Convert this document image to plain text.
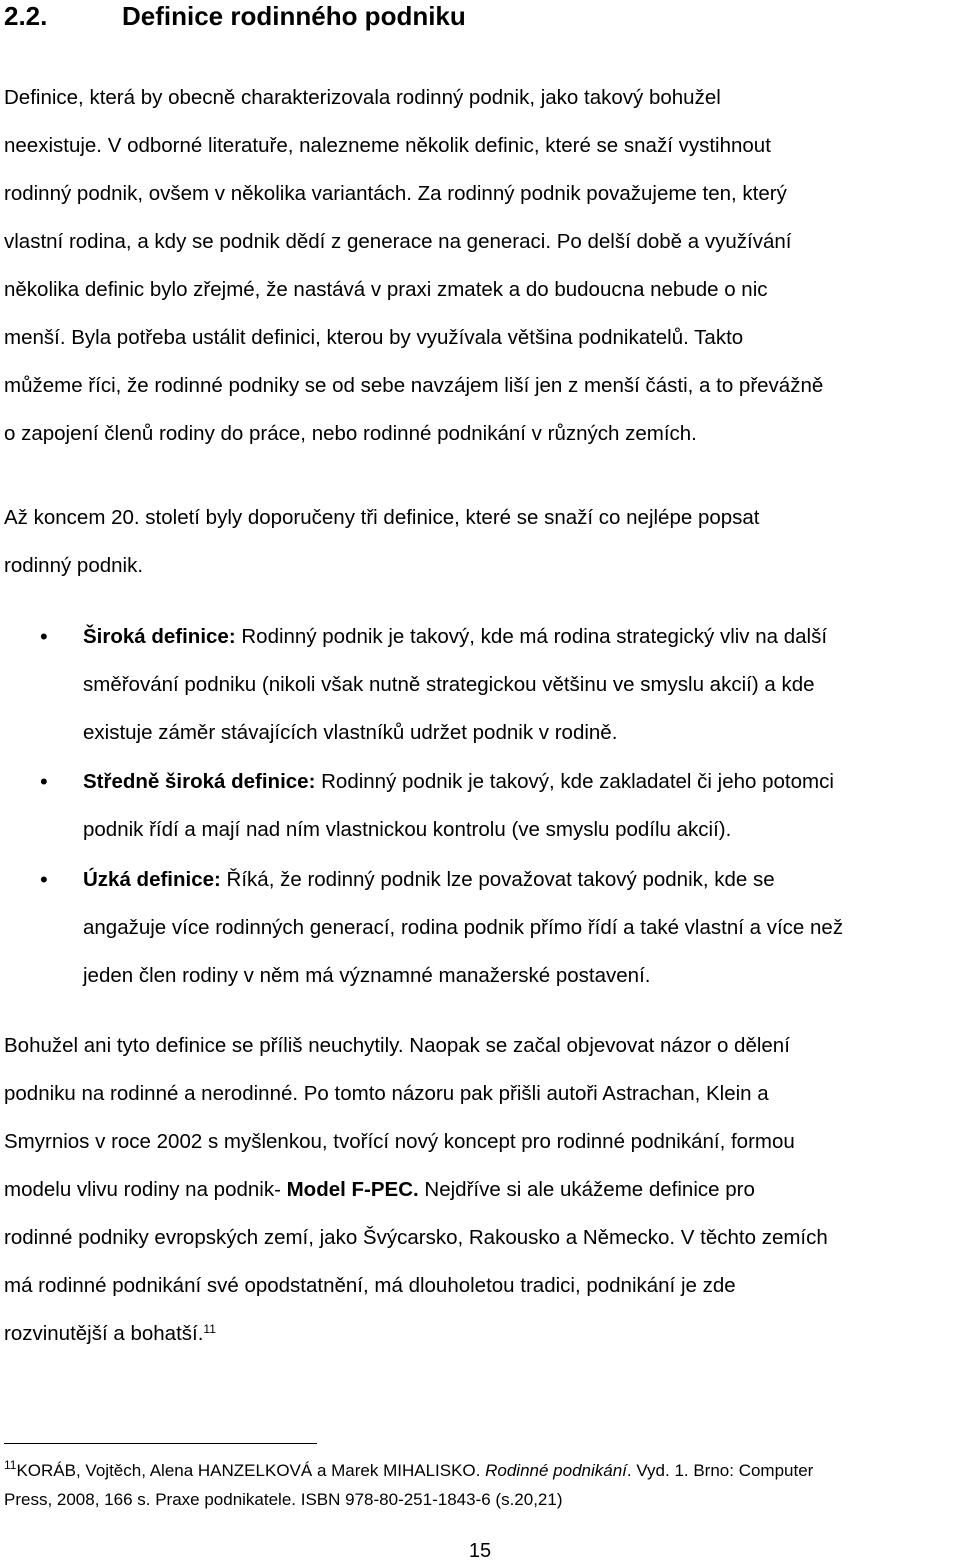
2.2.	Definice rodinného podniku
Definice, která by obecně charakterizovala rodinný podnik, jako takový bohužel
neexistuje. V odborné literatuře, nalezneme několik definic, které se snaží vystihnout
rodinný podnik, ovšem v několika variantách. Za rodinný podnik považujeme ten, který
vlastní rodina, a kdy se podnik dědí z generace na generaci. Po delší době a využívání
několika definic bylo zřejmé, že nastává v praxi zmatek a do budoucna nebude o nic
menší. Byla potřeba ustálit definici, kterou by využívala většina podnikatelů. Takto
můžeme říci, že rodinné podniky se od sebe navzájem liší jen z menší části, a to převážně
o zapojení členů rodiny do práce, nebo rodinné podnikání v různých zemích.
Až koncem 20. století byly doporučeny tři definice, které se snaží co nejlépe popsat
rodinný podnik.
• Široká definice: Rodinný podnik je takový, kde má rodina strategický vliv na další
směřování podniku (nikoli však nutně strategickou většinu ve smyslu akcií) a kde
existuje záměr stávajících vlastníků udržet podnik v rodině.
• Středně široká definice: Rodinný podnik je takový, kde zakladatel či jeho potomci
podnik řídí a mají nad ním vlastnickou kontrolu (ve smyslu podílu akcií).
• Úzká definice: Říká, že rodinný podnik lze považovat takový podnik, kde se
angažuje více rodinných generací, rodina podnik přímo řídí a také vlastní a více než
jeden člen rodiny v něm má významné manažerské postavení.
Bohužel ani tyto definice se příliš neuchytily. Naopak se začal objevovat názor o dělení
podniku na rodinné a nerodinné. Po tomto názoru pak přišli autoři Astrachan, Klein a
Smyrnios v roce 2002 s myšlenkou, tvořící nový koncept pro rodinné podnikání, formou
modelu vlivu rodiny na podnik- Model F-PEC. Nejdříve si ale ukážeme definice pro
rodinné podniky evropských zemí, jako Švýcarsko, Rakousko a Německo. V těchto zemích
má rodinné podnikání své opodstatnění, má dlouholetou tradici, podnikání je zde
rozvinutější a bohatší.$^{11}$
$^{11}$KORÁB, Vojtěch, Alena HANZELKOVÁ a Marek MIHALISKO. Rodinné podnikání. Vyd. 1. Brno: Computer
Press, 2008, 166 s. Praxe podnikatele. ISBN 978-80-251-1843-6 (s.20,21)
15
